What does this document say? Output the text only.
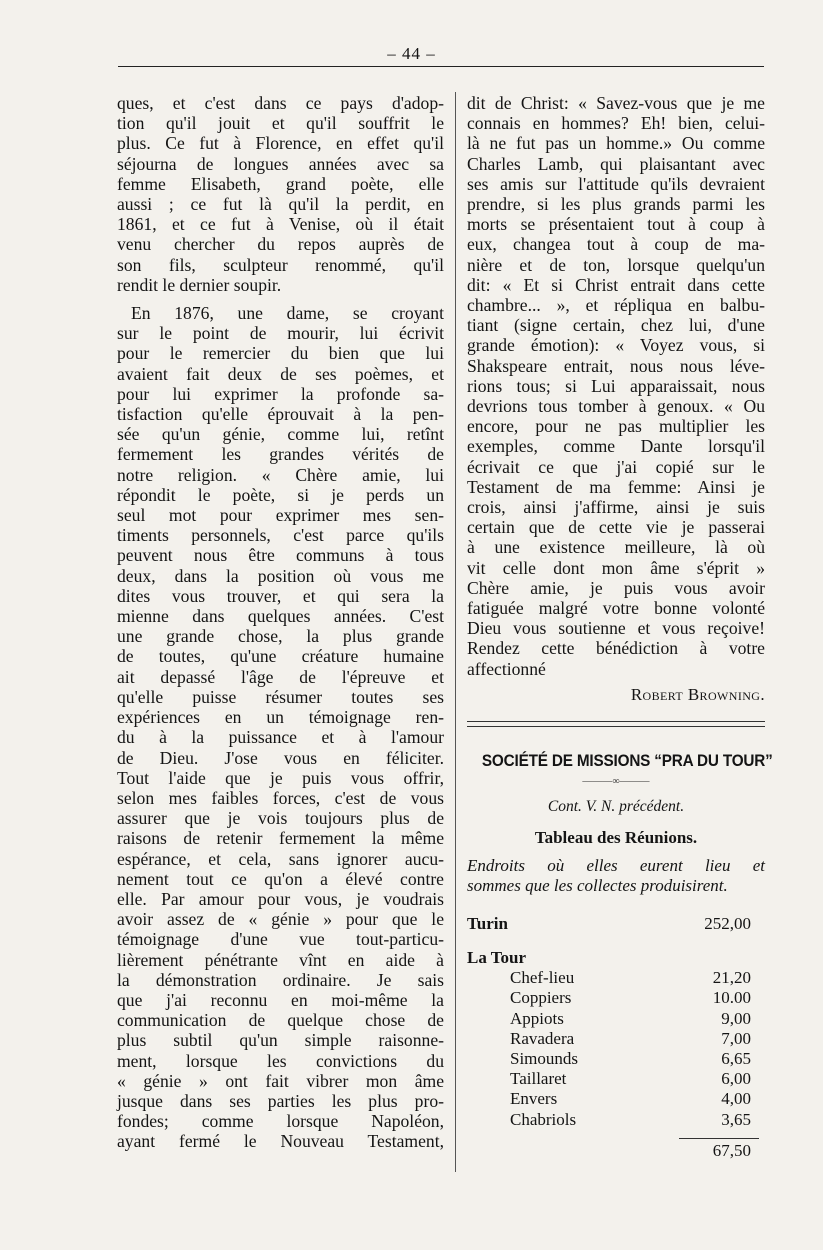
– 44 –

ques, et c'est dans ce pays d'adop-

tion qu'il jouit et qu'il souffrit le

plus. Ce fut à Florence, en effet qu'il

séjourna de longues années avec sa

femme Elisabeth, grand poète, elle

aussi ; ce fut là qu'il la perdit, en

1861, et ce fut à Venise, où il était

venu chercher du repos auprès de

son fils, sculpteur renommé, qu'il

rendit le dernier soupir.

En 1876, une dame, se croyant

sur le point de mourir, lui écrivit

pour le remercier du bien que lui

avaient fait deux de ses poèmes, et

pour lui exprimer la profonde sa-

tisfaction qu'elle éprouvait à la pen-

sée qu'un génie, comme lui, retînt

fermement les grandes vérités de

notre religion. « Chère amie, lui

répondit le poète, si je perds un

seul mot pour exprimer mes sen-

timents personnels, c'est parce qu'ils

peuvent nous être communs à tous

deux, dans la position où vous me

dites vous trouver, et qui sera la

mienne dans quelques années. C'est

une grande chose, la plus grande

de toutes, qu'une créature humaine

ait depassé l'âge de l'épreuve et

qu'elle puisse résumer toutes ses

expériences en un témoignage ren-

du à la puissance et à l'amour

de Dieu. J'ose vous en féliciter.

Tout l'aide que je puis vous offrir,

selon mes faibles forces, c'est de vous

assurer que je vois toujours plus de

raisons de retenir fermement la même

espérance, et cela, sans ignorer aucu-

nement tout ce qu'on a élevé contre

elle. Par amour pour vous, je voudrais

avoir assez de « génie » pour que le

témoignage d'une vue tout-particu-

lièrement pénétrante vînt en aide à

la démonstration ordinaire. Je sais

que j'ai reconnu en moi-même la

communication de quelque chose de

plus subtil qu'un simple raisonne-

ment, lorsque les convictions du

« génie » ont fait vibrer mon âme

jusque dans ses parties les plus pro-

fondes; comme lorsque Napoléon,

ayant fermé le Nouveau Testament,

dit de Christ: « Savez-vous que je me

connais en hommes? Eh! bien, celui-

là ne fut pas un homme.» Ou comme

Charles Lamb, qui plaisantant avec

ses amis sur l'attitude qu'ils devraient

prendre, si les plus grands parmi les

morts se présentaient tout à coup à

eux, changea tout à coup de ma-

nière et de ton, lorsque quelqu'un

dit: « Et si Christ entrait dans cette

chambre... », et répliqua en balbu-

tiant (signe certain, chez lui, d'une

grande émotion): « Voyez vous, si

Shakspeare entrait, nous nous léve-

rions tous; si Lui apparaissait, nous

devrions tous tomber à genoux. « Ou

encore, pour ne pas multiplier les

exemples, comme Dante lorsqu'il

écrivait ce que j'ai copié sur le

Testament de ma femme: Ainsi je

crois, ainsi j'affirme, ainsi je suis

certain que de cette vie je passerai

à une existence meilleure, là où

vit celle dont mon âme s'éprit »

Chère amie, je puis vous avoir

fatiguée malgré votre bonne volonté

Dieu vous soutienne et vous reçoive!

Rendez cette bénédiction à votre

affectionné

Robert Browning.
SOCIÉTÉ DE MISSIONS “PRA DU TOUR”
———∞———
Cont. V. N. précédent.
Tableau des Réunions.
Endroits où elles eurent lieu et
sommes que les collectes produisirent.
Turin	252,00
La Tour
Chef-lieu	21,20
Coppiers	10.00
Appiots	9,00
Ravadera	7,00
Simounds	6,65
Taillaret	6,00
Envers	4,00
Chabriols	3,65
67,50
